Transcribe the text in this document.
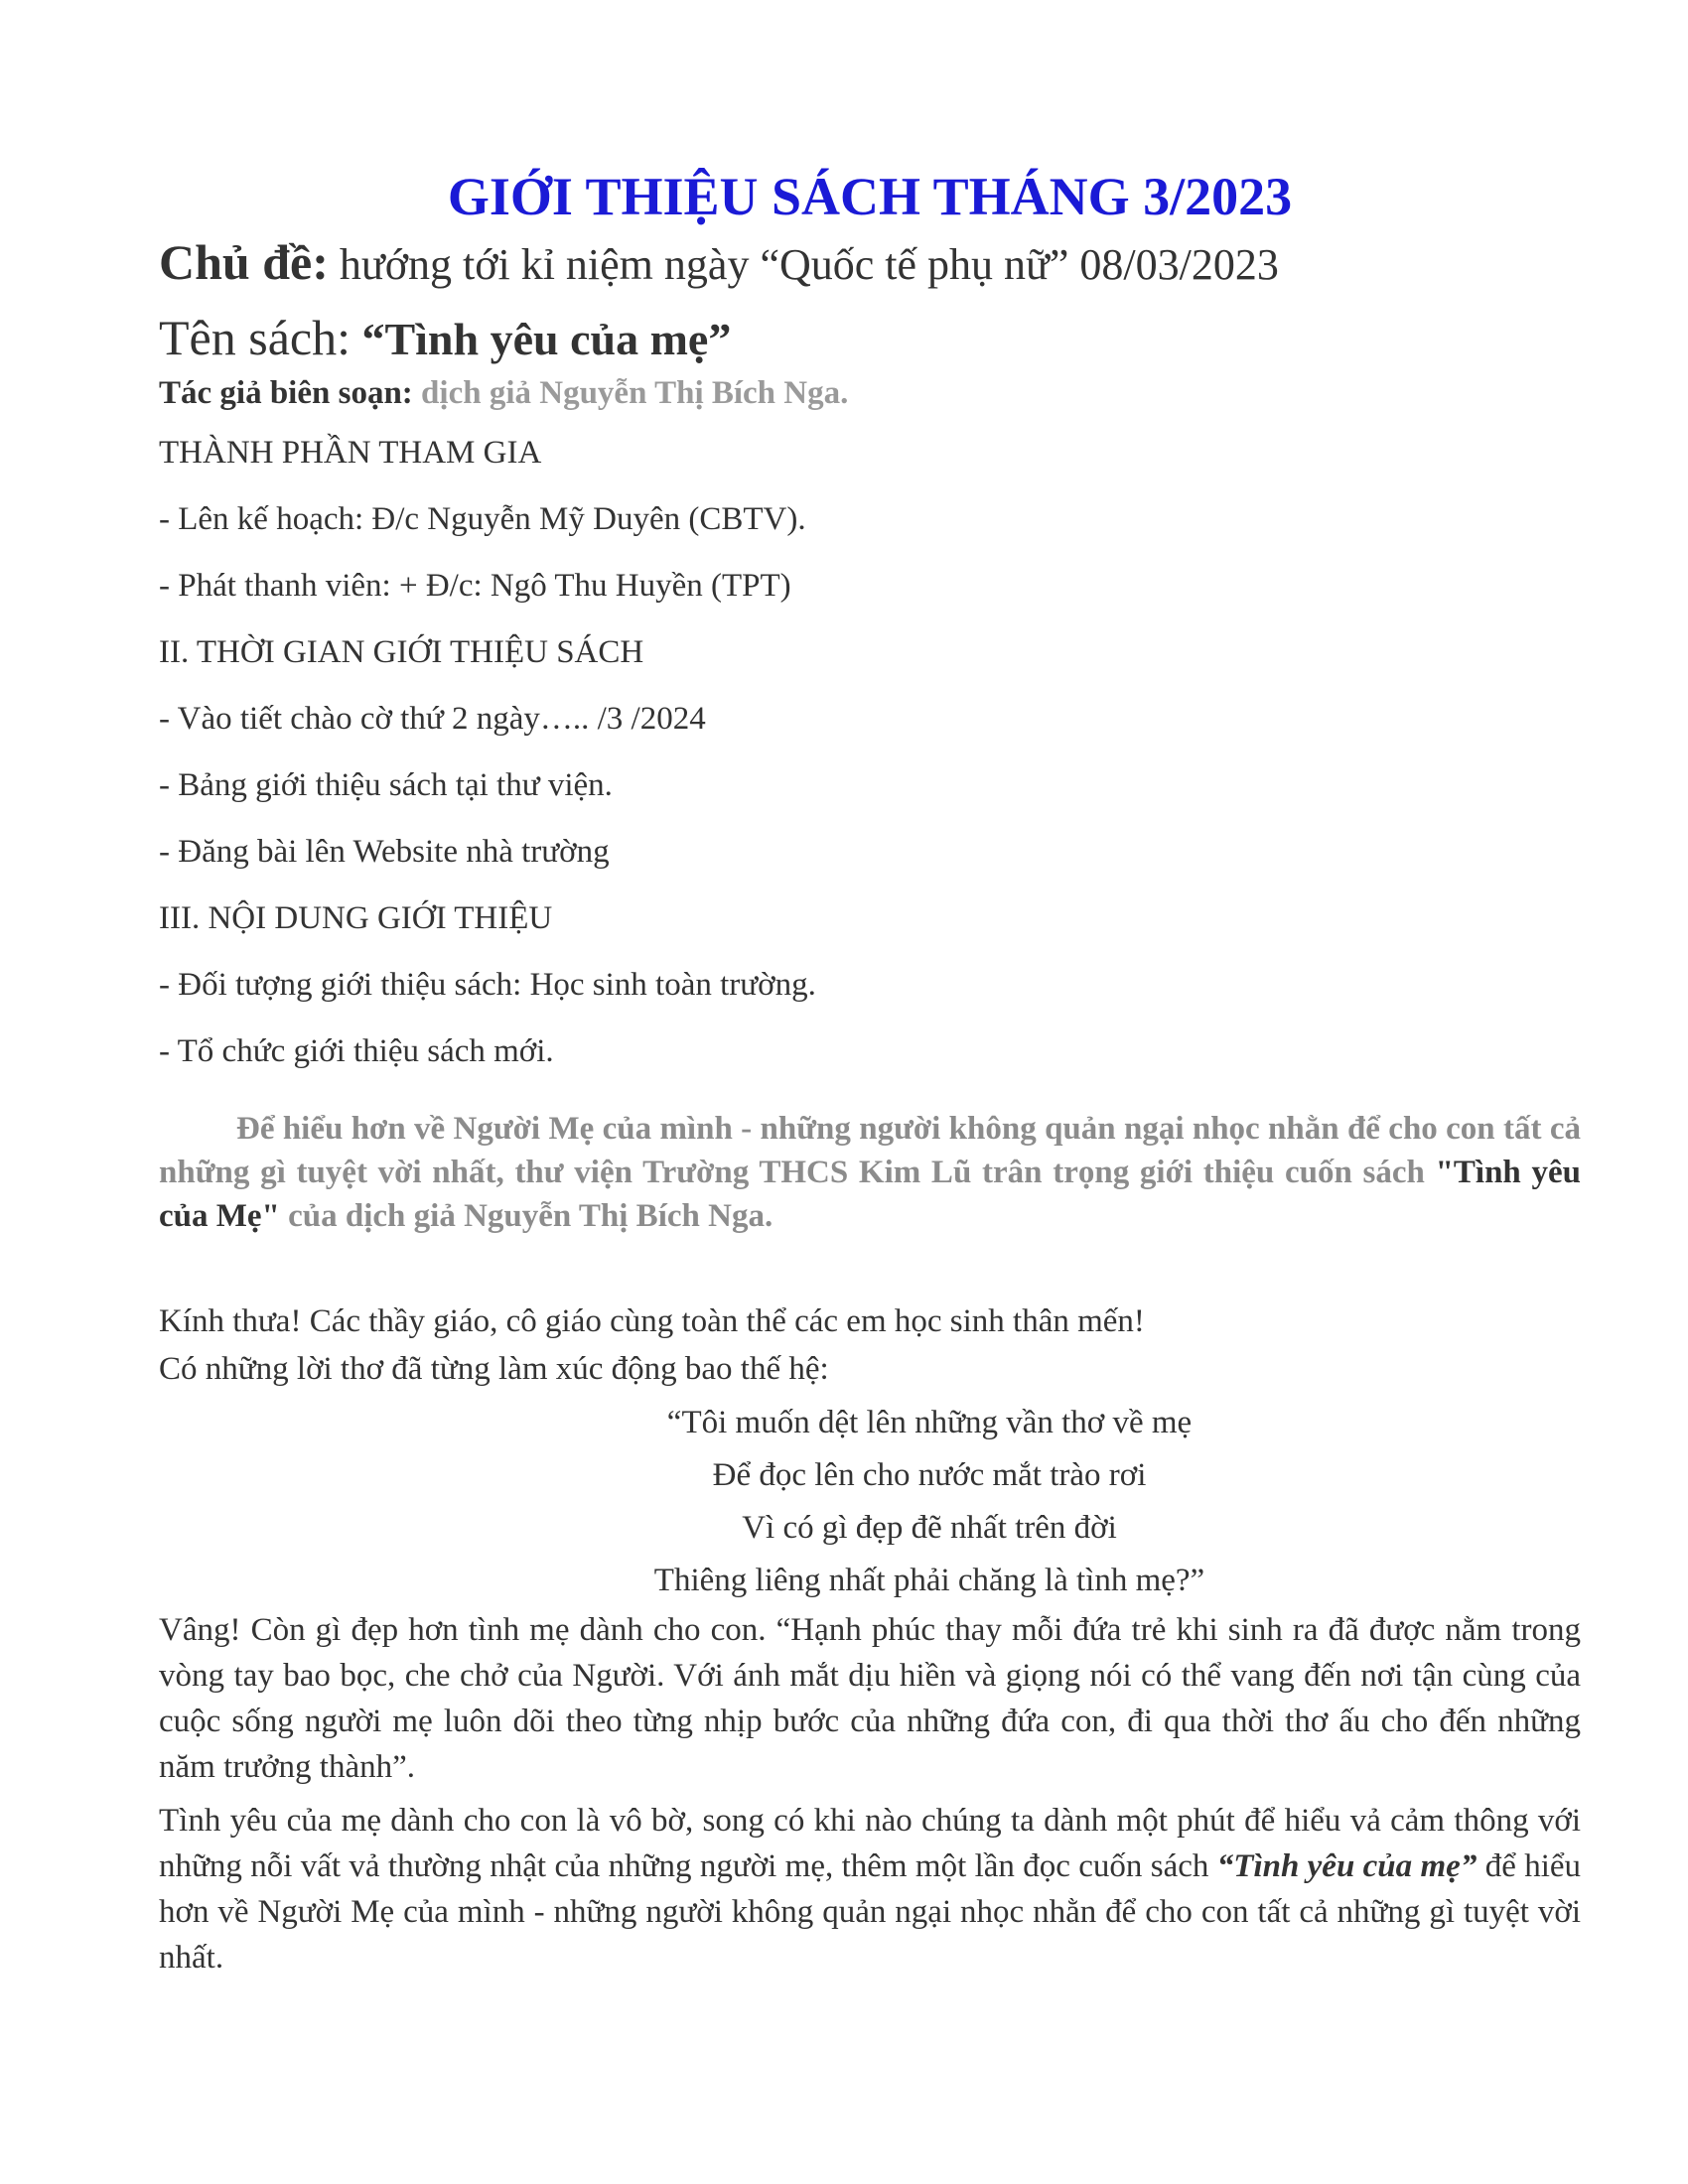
GIỚI THIỆU SÁCH THÁNG 3/2023

Chủ đề: hướng tới kỉ niệm ngày “Quốc tế phụ nữ” 08/03/2023

Tên sách: “Tình yêu của mẹ”

Tác giả biên soạn: dịch giả Nguyễn Thị Bích Nga.

THÀNH PHẦN THAM GIA

- Lên kế hoạch: Đ/c Nguyễn Mỹ Duyên (CBTV).

- Phát thanh viên: + Đ/c: Ngô Thu Huyền (TPT)

II. THỜI GIAN GIỚI THIỆU SÁCH

- Vào tiết chào cờ thứ 2 ngày….. /3 /2024

- Bảng giới thiệu sách tại thư viện.

- Đăng bài lên Website nhà trường

III. NỘI DUNG GIỚI THIỆU

- Đối tượng giới thiệu sách: Học sinh toàn trường.

- Tổ chức giới thiệu sách mới.

Để hiểu hơn về Người Mẹ của mình - những người không quản ngại nhọc nhằn để cho con tất cả những gì tuyệt vời nhất, thư viện Trường THCS Kim Lũ trân trọng giới thiệu cuốn sách "Tình yêu của Mẹ" của dịch giả Nguyễn Thị Bích Nga.

Kính thưa! Các thầy giáo, cô giáo cùng toàn thể các em học sinh thân mến!

Có những lời thơ đã từng làm xúc động bao thế hệ:

“Tôi muốn dệt lên những vần thơ về mẹ
Để đọc lên cho nước mắt trào rơi
Vì có gì đẹp đẽ nhất trên đời
Thiêng liêng nhất phải chăng là tình mẹ?”

Vâng! Còn gì đẹp hơn tình mẹ dành cho con. “Hạnh phúc thay mỗi đứa trẻ khi sinh ra đã được nằm trong vòng tay bao bọc, che chở của Người. Với ánh mắt dịu hiền và giọng nói có thể vang đến nơi tận cùng của cuộc sống người mẹ luôn dõi theo từng nhịp bước của những đứa con, đi qua thời thơ ấu cho đến những năm trưởng thành”.

Tình yêu của mẹ dành cho con là vô bờ, song có khi nào chúng ta dành một phút để hiểu vả cảm thông với những nỗi vất vả thường nhật của những người mẹ, thêm một lần đọc cuốn sách “Tình yêu của mẹ” để hiểu hơn về Người Mẹ của mình - những người không quản ngại nhọc nhằn để cho con tất cả những gì tuyệt vời nhất.
